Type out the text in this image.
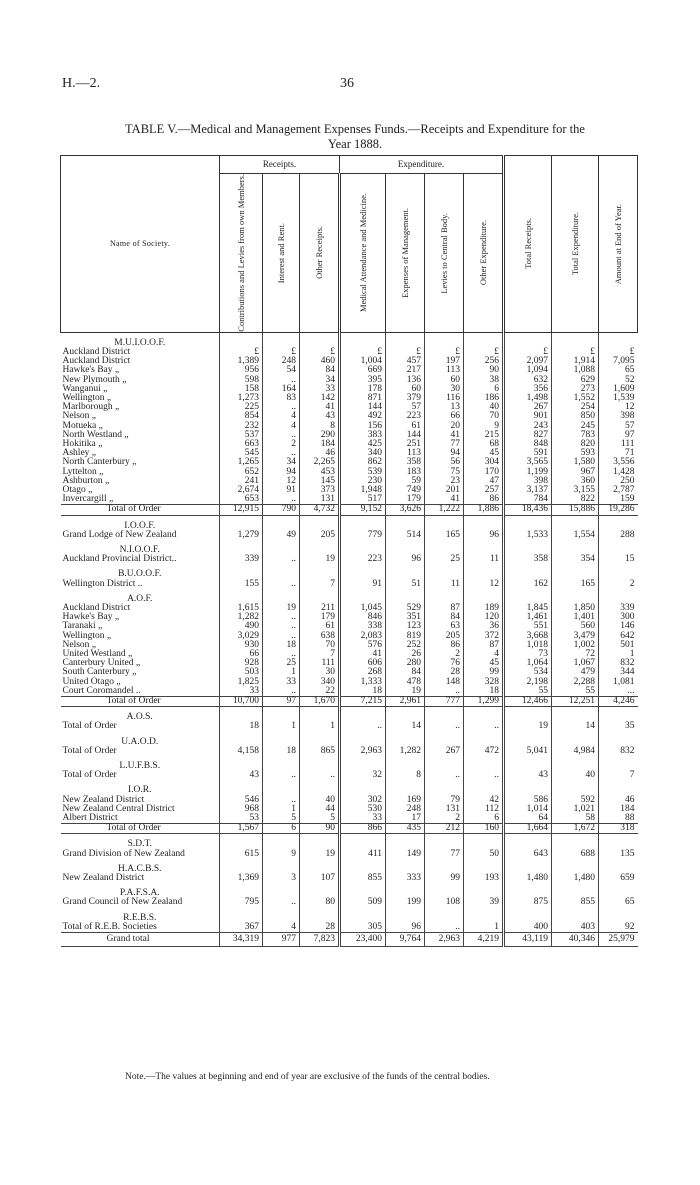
H.—2.	36
TABLE V.—Medical and Management Expenses Funds.—Receipts and Expenditure for the
Year 1888.
Name of Society.	Receipts.			Expenditure.				Total Receipts.	Total Expenditure.	Amount at End of Year.

	Contributions and Levies from own Members.	Interest and Rent.	Other Receipts.	Medical Attendance and Medicine.	Expenses of Management.	Levies to Central Body.	Other Expenditure.			

M.U.I.O.O.F.										
Auckland District	£	£	£	£	£	£	£	£	£	£
Auckland District	1,389	248	460	1,004	457	197	256	2,097	1,914	7,095
Hawke's Bay „	956	54	84	669	217	113	90	1,094	1,088	65
New Plymouth „	598	..	34	395	136	60	38	632	629	52
Wanganui „	158	164	33	178	60	30	6	356	273	1,609
Wellington „	1,273	83	142	871	379	116	186	1,498	1,552	1,539
Marlborough „	225	..	41	144	57	13	40	267	254	12
Nelson „	854	4	43	492	223	66	70	901	850	398
Motueka „	232	4	8	156	61	20	9	243	245	57
North Westland „	537	..	290	383	144	41	215	827	783	97
Hokitika „	663	2	184	425	251	77	68	848	820	111
Ashley „	545	..	46	340	113	94	45	591	593	71
North Canterbury „	1,265	34	2,265	862	358	56	304	3,565	1,580	3,556
Lyttelton „	652	94	453	539	183	75	170	1,199	967	1,428
Ashburton „	241	12	145	230	59	23	47	398	360	250
Otago „	2,674	91	373	1,948	749	201	257	3,137	3,155	2,787
Invercargill „	653	..	131	517	179	41	86	784	822	159
Total of Order	12,915	790	4,732	9,152	3,626	1,222	1,886	18,436	15,886	19,286
I.O.O.F.										
Grand Lodge of New Zealand	1,279	49	205	779	514	165	96	1,533	1,554	288
N.I.O.O.F.										
Auckland Provincial District..	339	..	19	223	96	25	11	358	354	15
B.U.O.O.F.										
Wellington District ..	155	..	7	91	51	11	12	162	165	2
A.O.F.										
Auckland District	1,615	19	211	1,045	529	87	189	1,845	1,850	339
Hawke's Bay „	1,282	..	179	846	351	84	120	1,461	1,401	300
Taranaki „	490	..	61	338	123	63	36	551	560	146
Wellington „	3,029	..	638	2,083	819	205	372	3,668	3,479	642
Nelson „	930	18	70	576	252	86	87	1,018	1,002	501
United Westland „	66	..	7	41	26	2	4	73	72	1
Canterbury United „	928	25	111	606	280	76	45	1,064	1,067	832
South Canterbury „	503	1	30	268	84	28	99	534	479	344
United Otago „	1,825	33	340	1,333	478	148	328	2,198	2,288	1,081
Court Coromandel ..	33	..	22	18	19	..	18	55	55	...
Total of Order	10,700	97	1,670	7,215	2,961	777	1,299	12,466	12,251	4,246
A.O.S.										
Total of Order	18	1	1	..	14	..	..	19	14	35
U.A.O.D.										
Total of Order	4,158	18	865	2,963	1,282	267	472	5,041	4,984	832
L.U.F.B.S.										
Total of Order	43	..	..	32	8	..	..	43	40	7
I.O.R.										
New Zealand District	546	..	40	302	169	79	42	586	592	46
New Zealand Central District	968	1	44	530	248	131	112	1,014	1,021	184
Albert District	53	5	5	33	17	2	6	64	58	88
Total of Order	1,567	6	90	866	435	212	160	1,664	1,672	318
S.D.T.										
Grand Division of New Zealand	615	9	19	411	149	77	50	643	688	135
H.A.C.B.S.										
New Zealand District	1,369	3	107	855	333	99	193	1,480	1,480	659
P.A.F.S.A.										
Grand Council of New Zealand	795	..	80	509	199	108	39	875	855	65
R.E.B.S.										
Total of R.E.B. Societies	367	4	28	305	96	..	1	400	403	92
Grand total	34,319	977	7,823	23,400	9,764	2,963	4,219	43,119	40,346	25,979
Note.—The values at beginning and end of year are exclusive of the funds of the central bodies.
